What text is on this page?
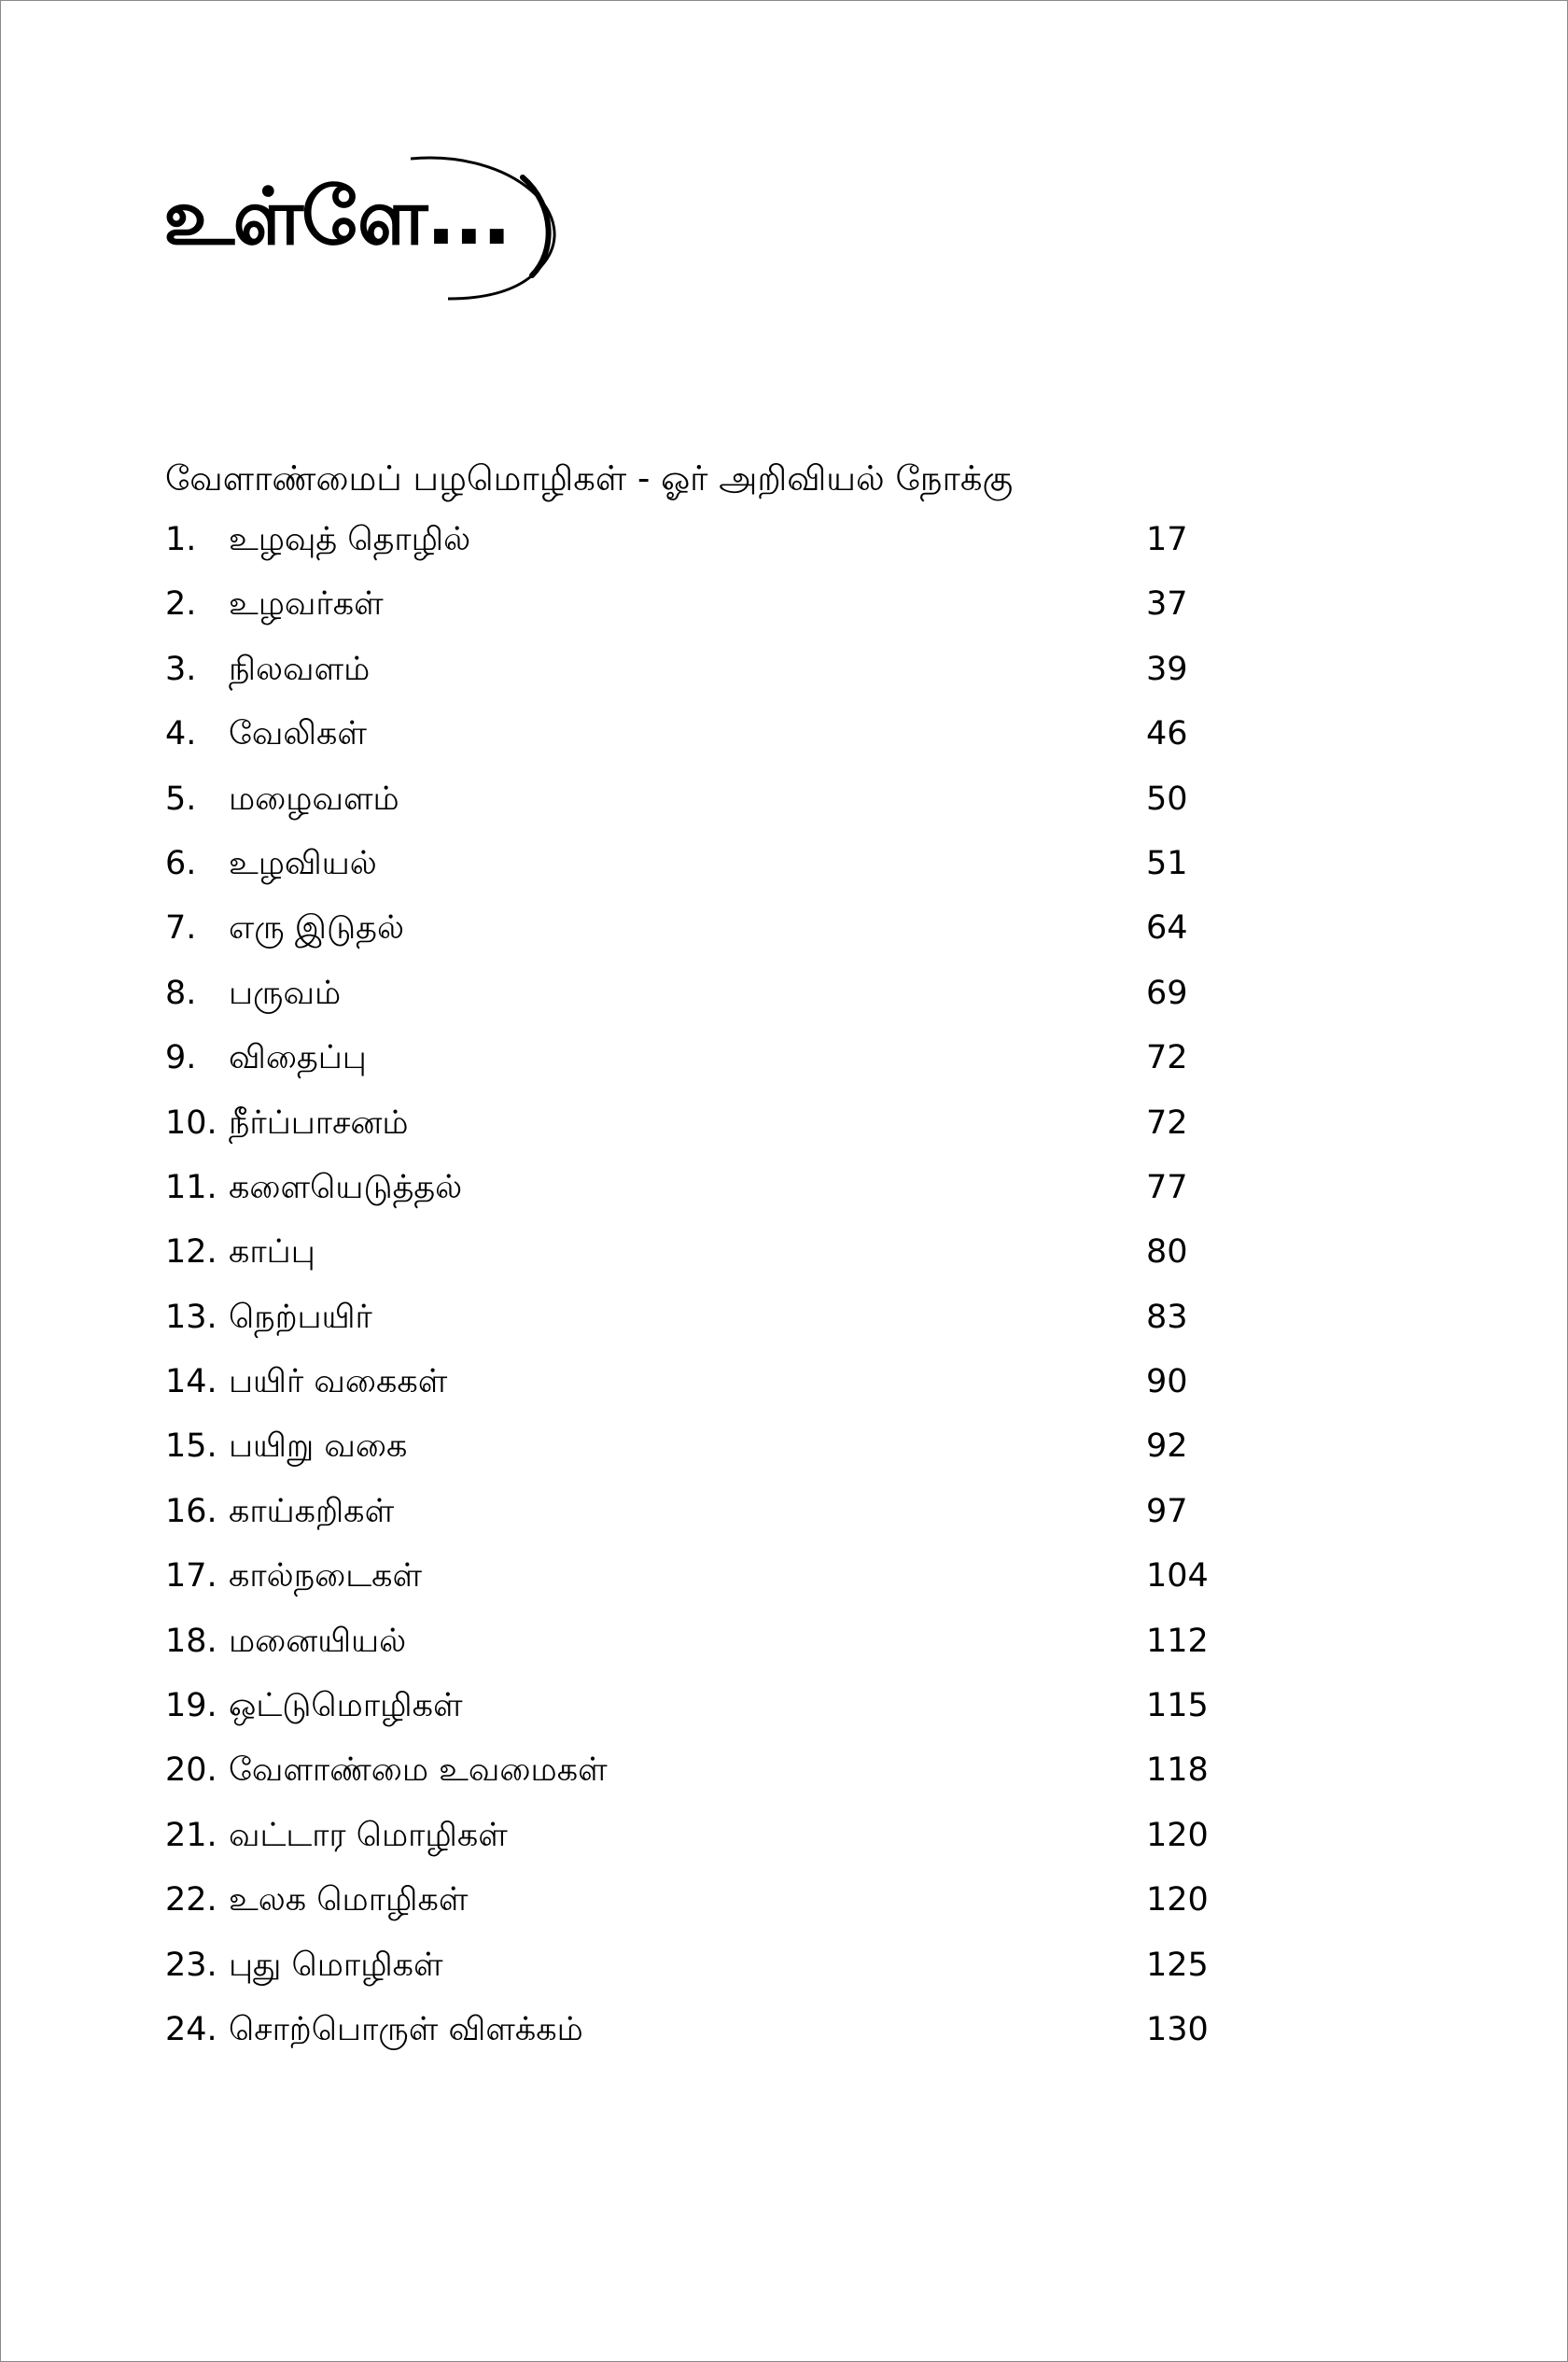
உள்ளே...
வேளாண்மைப் பழமொழிகள் - ஓர் அறிவியல் நோக்கு
1. உழவுத் தொழில்	17
2. உழவர்கள்	37
3. நிலவளம்	39
4. வேலிகள்	46
5. மழைவளம்	50
6. உழவியல்	51
7. எரு இடுதல்	64
8. பருவம்	69
9. விதைப்பு	72
10. நீர்ப்பாசனம்	72
11. களையெடுத்தல்	77
12. காப்பு	80
13. நெற்பயிர்	83
14. பயிர் வகைகள்	90
15. பயிறு வகை	92
16. காய்கறிகள்	97
17. கால்நடைகள்	104
18. மனையியல்	112
19. ஒட்டுமொழிகள்	115
20. வேளாண்மை உவமைகள்	118
21. வட்டார மொழிகள்	120
22. உலக மொழிகள்	120
23. புது மொழிகள்	125
24. சொற்பொருள் விளக்கம்	130
